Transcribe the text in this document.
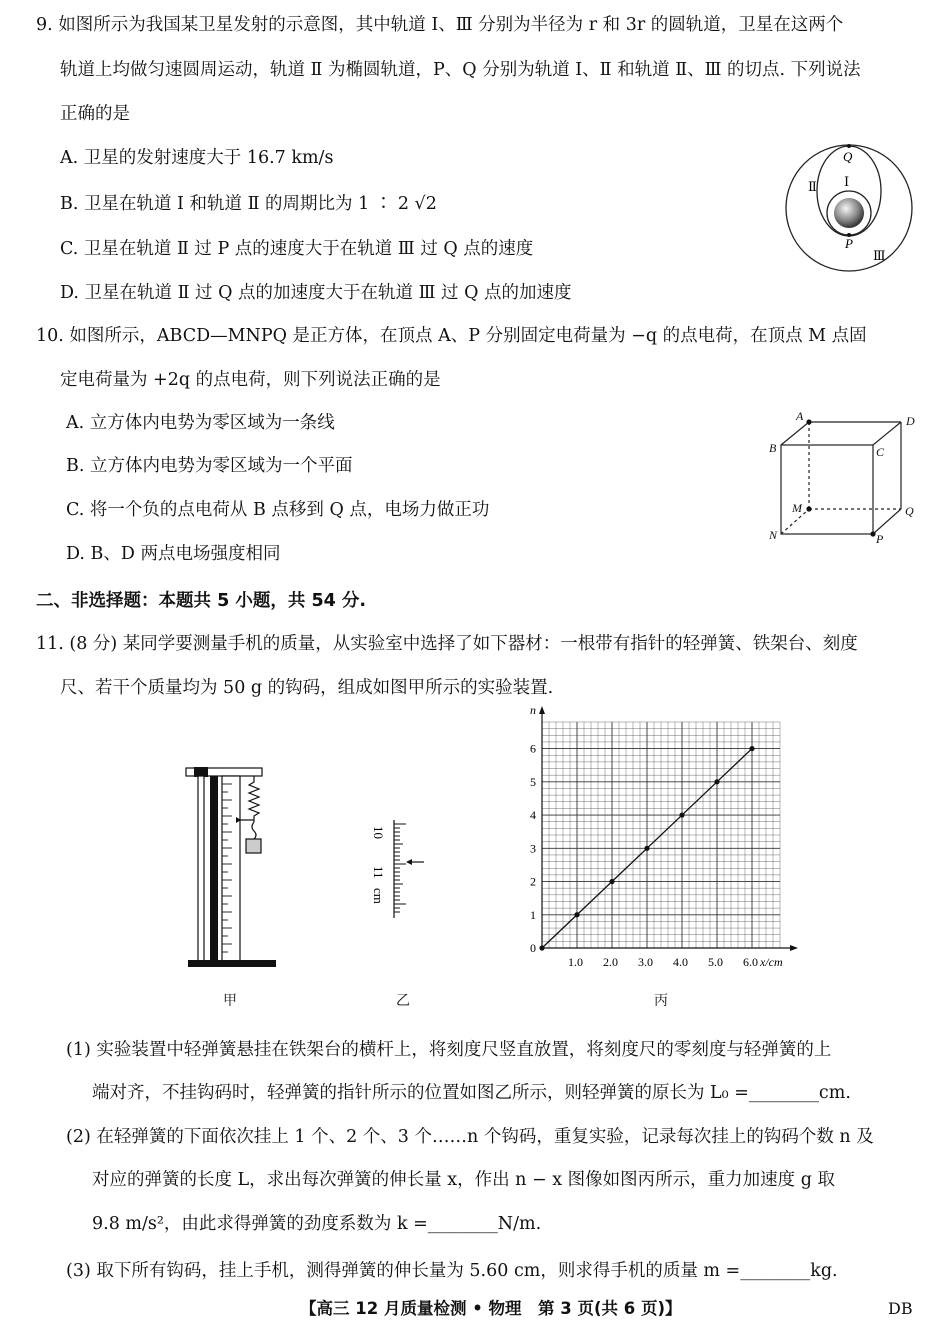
9. 如图所示为我国某卫星发射的示意图，其中轨道 Ⅰ、Ⅲ 分别为半径为 r 和 3r 的圆轨道，卫星在这两个
轨道上均做匀速圆周运动，轨道 Ⅱ 为椭圆轨道，P、Q 分别为轨道 Ⅰ、Ⅱ 和轨道 Ⅱ、Ⅲ 的切点. 下列说法
正确的是
A. 卫星的发射速度大于 16.7 km/s
B. 卫星在轨道 Ⅰ 和轨道 Ⅱ 的周期比为 1 ∶ 2 √2
C. 卫星在轨道 Ⅱ 过 P 点的速度大于在轨道 Ⅲ 过 Q 点的速度
D. 卫星在轨道 Ⅱ 过 Q 点的加速度大于在轨道 Ⅲ 过 Q 点的加速度
Q
P
Ⅰ
Ⅱ
Ⅲ
10. 如图所示，ABCD—MNPQ 是正方体，在顶点 A、P 分别固定电荷量为 −q 的点电荷，在顶点 M 点固
定电荷量为 +2q 的点电荷，则下列说法正确的是
A. 立方体内电势为零区域为一条线
B. 立方体内电势为零区域为一个平面
C. 将一个负的点电荷从 B 点移到 Q 点，电场力做正功
D. B、D 两点电场强度相同
A	D
B	C
M	Q
N	P
二、非选择题：本题共 5 小题，共 54 分.
11. (8 分) 某同学要测量手机的质量，从实验室中选择了如下器材：一根带有指针的轻弹簧、铁架台、刻度
尺、若干个质量均为 50 g 的钩码，组成如图甲所示的实验装置.
甲
10
11
cm
乙
1.0 2.0 3.0 4.0 5.0 6.0
0
1
2
3
4
5
6
x/cm
n
丙
(1) 实验装置中轻弹簧悬挂在铁架台的横杆上，将刻度尺竖直放置，将刻度尺的零刻度与轻弹簧的上
端对齐，不挂钩码时，轻弹簧的指针所示的位置如图乙所示，则轻弹簧的原长为 L₀ =________cm.
(2) 在轻弹簧的下面依次挂上 1 个、2 个、3 个……n 个钩码，重复实验，记录每次挂上的钩码个数 n 及
对应的弹簧的长度 L，求出每次弹簧的伸长量 x，作出 n − x 图像如图丙所示，重力加速度 g 取
9.8 m/s²，由此求得弹簧的劲度系数为 k =________N/m.
(3) 取下所有钩码，挂上手机，测得弹簧的伸长量为 5.60 cm，则求得手机的质量 m =________kg.
【高三 12 月质量检测 • 物理　第 3 页(共 6 页)】	DB
